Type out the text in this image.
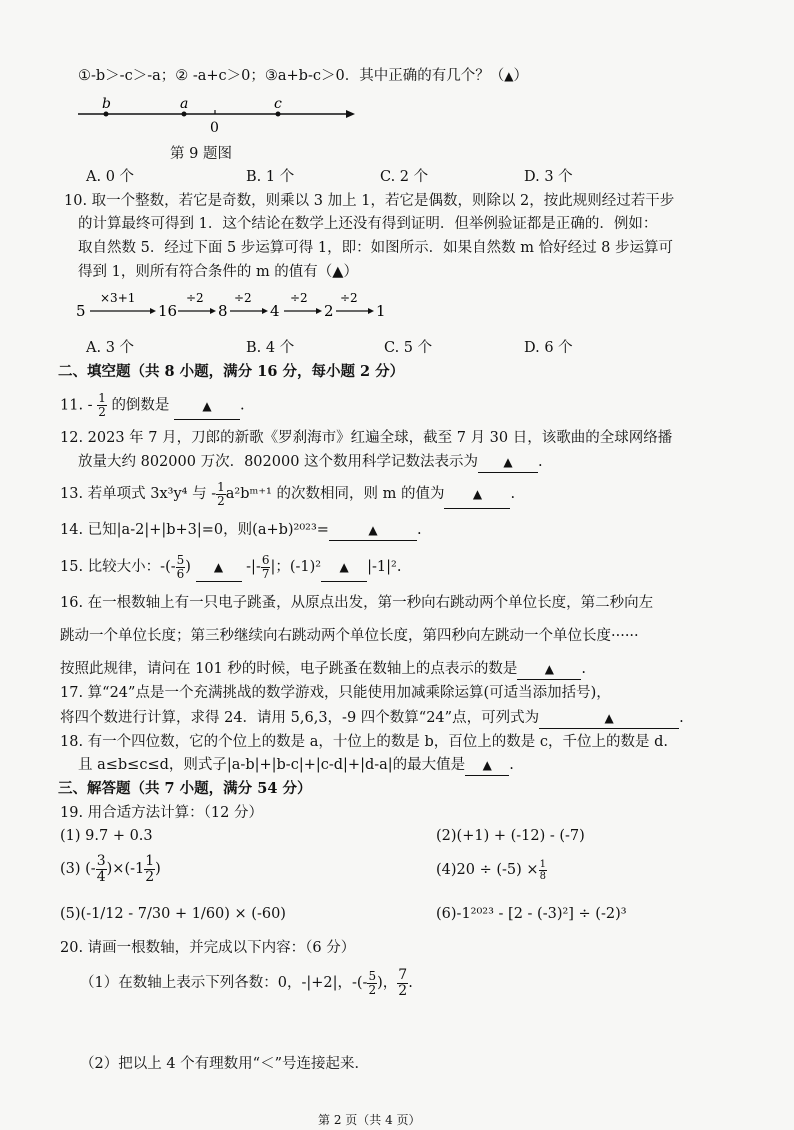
①-b＞-c＞-a；② -a+c＞0；③a+b-c＞0．其中正确的有几个？（▲）
b	a	c
0
第 9 题图
A. 0 个	B. 1 个	C. 2 个	D. 3 个
10. 取一个整数，若它是奇数，则乘以 3 加上 1，若它是偶数，则除以 2，按此规则经过若干步
的计算最终可得到 1．这个结论在数学上还没有得到证明．但举例验证都是正确的．例如：
取自然数 5．经过下面 5 步运算可得 1，即：如图所示．如果自然数 m 恰好经过 8 步运算可
得到 1，则所有符合条件的 m 的值有（▲）
5
×3+1
16
÷2
8
÷2
4
÷2
2
÷2
1
A. 3 个	B. 4 个	C. 5 个	D. 6 个
二、填空题（共 8 小题，满分 16 分，每小题 2 分）
11. - $\frac{1}{2}$ 的倒数是	▲ .
12. 2023 年 7 月，刀郎的新歌《罗刹海市》红遍全球，截至 7 月 30 日，该歌曲的全球网络播
放量大约 802000 万次．802000 这个数用科学记数法表示为 ▲ .
13. 若单项式 3x³y⁴ 与 - $\frac{1}{2}$ a²bᵐ⁺¹ 的次数相同，则 m 的值为 ▲ .
14. 已知|a-2|+|b+3|=0，则(a+b)²⁰²³=	▲	.
15. 比较大小：-(- $\frac{5}{6}$ ) ▲ -|- $\frac{6}{7}$ |；(-1)² ▲ |-1|².
16. 在一根数轴上有一只电子跳蚤，从原点出发，第一秒向右跳动两个单位长度，第二秒向左
跳动一个单位长度；第三秒继续向右跳动两个单位长度，第四秒向左跳动一个单位长度······
按照此规律，请问在 101 秒的时候，电子跳蚤在数轴上的点表示的数是 ▲ .
17. 算“24”点是一个充满挑战的数学游戏，只能使用加减乘除运算(可适当添加括号)，
将四个数进行计算，求得 24．请用 5,6,3，-9 四个数算“24”点，可列式为	▲	.
18. 有一个四位数，它的个位上的数是 a，十位上的数是 b，百位上的数是 c，千位上的数是 d.
且 a≤b≤c≤d，则式子|a-b|+|b-c|+|c-d|+|d-a|的最大值是 ▲ .
三、解答题（共 7 小题，满分 54 分）
19. 用合适方法计算：（12 分）
(1) 9.7 + 0.3	(2)(+1) + (-12) - (-7)
(3) (- $\frac{3}{4} )\times(-1 \frac{1}{2}$ )	$(4)20 \div (-5) \times \frac{1}{8}$
(5)(-1/12 - 7/30 + 1/60) × (-60)	(6)-1²⁰²³ - [2 - (-3)²] ÷ (-2)³
20. 请画一根数轴，并完成以下内容：（6 分）
（1）在数轴上表示下列各数：0，-|+2|，-(- $\frac{5}{2}$ )， $\frac{7}{2}$ .
（2）把以上 4 个有理数用“＜”号连接起来．
第 2 页（共 4 页）
